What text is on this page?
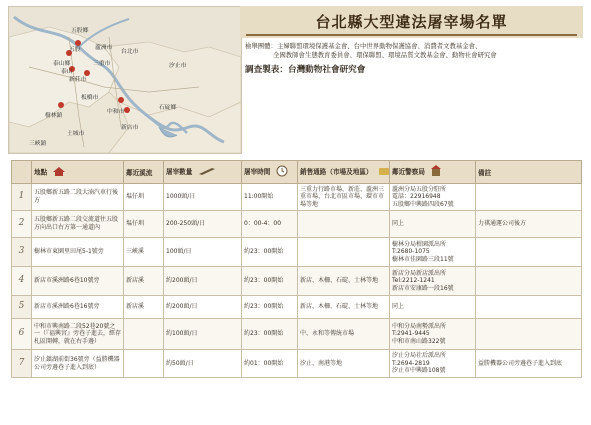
五股鄉
蘆洲市
台北市
泰山鄉
新莊市
三重市	汐止市
板橋市
中和市
樹林鎮
土城市
石碇鄉
三峽鎮
新店市
五股
泰山
台北縣大型違法屠宰場名單
檢舉團體：主婦聯盟環境保護基金會、台中世界動物保護協會、消費者文教基金會、
全國教師會生態教育委員會、環保聯盟、環境品質文教基金會、動物社會研究會
調查製表：台灣動物社會研究會
	地點	鄰近溪流	屠宰數量	屠宰時間	銷售通路（市場及地區）	鄰近警察局	備註
1	五股鄉新五路二段大湳汽車行後方	塭仔圳	1000頭/日	11:00開始	三重力行路市場、新莊、蘆洲三重市場、台北市區市場、環市市場等地	蘆洲分局五股分駐所
電話：22916948
五股鄉中興路四段67號	
2	五股鄉新五路二段交流道往五股方向出口右方第一通道內	塭仔圳	200-250頭/日	0：00-4：00		同上	力祺通運公司後方
3	樹林市東園里田尾5-1號旁	三峽溪	100頭/日	約23：00開始		樹林分局柑園派出所
T:2680-1075
樹林市佳園路三段11號	
4	新店市溪洲路6巷10號旁	新店溪	約200頭/日	約23：00開始	新店、木柵、石碇、士林等地	新店分局新店派出所
Tel:2212-1241
新店市安康路一段16號	
5	新店市溪洲路6巷16號旁	新店溪	約200頭/日	約23：00開始	新店、木柵、石碇、士林等地	同上	
6	中和市興南路二段52巷20號之一（『福興宮』旁巷子進去，經存札區開轉，就在右手邊）		約100頭/日	約23：00開始	中、永和等傳統市場	中和分局南勢派出所
T:2941-9445
中和市南山路322號	
7	汐止鎮湖前街36號旁（益勝機器公司旁邊巷子進入到底）		約50頭/日	約01：00開始	汐止、南港等地	汐止分局社后派出所
T:2694-2819
汐止市中興路108號	益勝機器公司旁邊巷子進入到底
